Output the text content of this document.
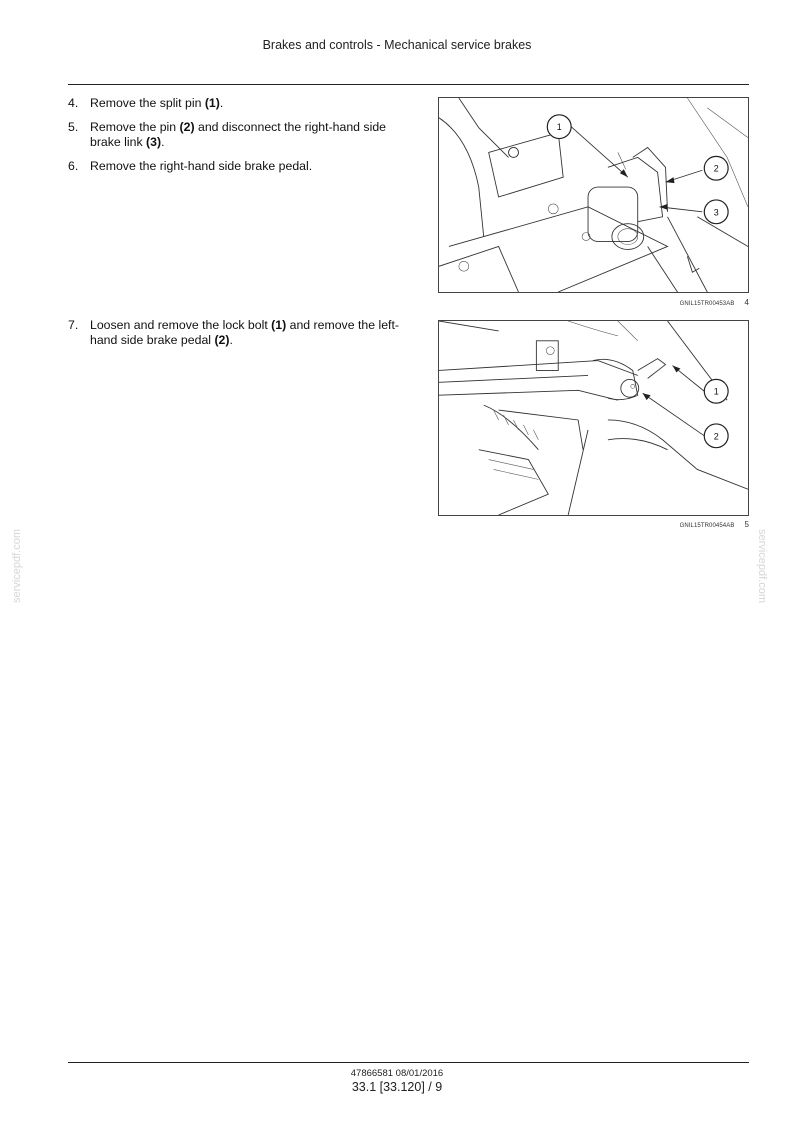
Brakes and controls - Mechanical service brakes
4. Remove the split pin (1).
5. Remove the pin (2) and disconnect the right-hand side brake link (3).
6. Remove the right-hand side brake pedal.
7. Loosen and remove the lock bolt (1) and remove the left-hand side brake pedal (2).
1
2
3
GNIL15TR00453AB 4
1
2
GNIL15TR00454AB 5
servicepdf.com	servicepdf.com
47866581 08/01/2016
33.1 [33.120] / 9
